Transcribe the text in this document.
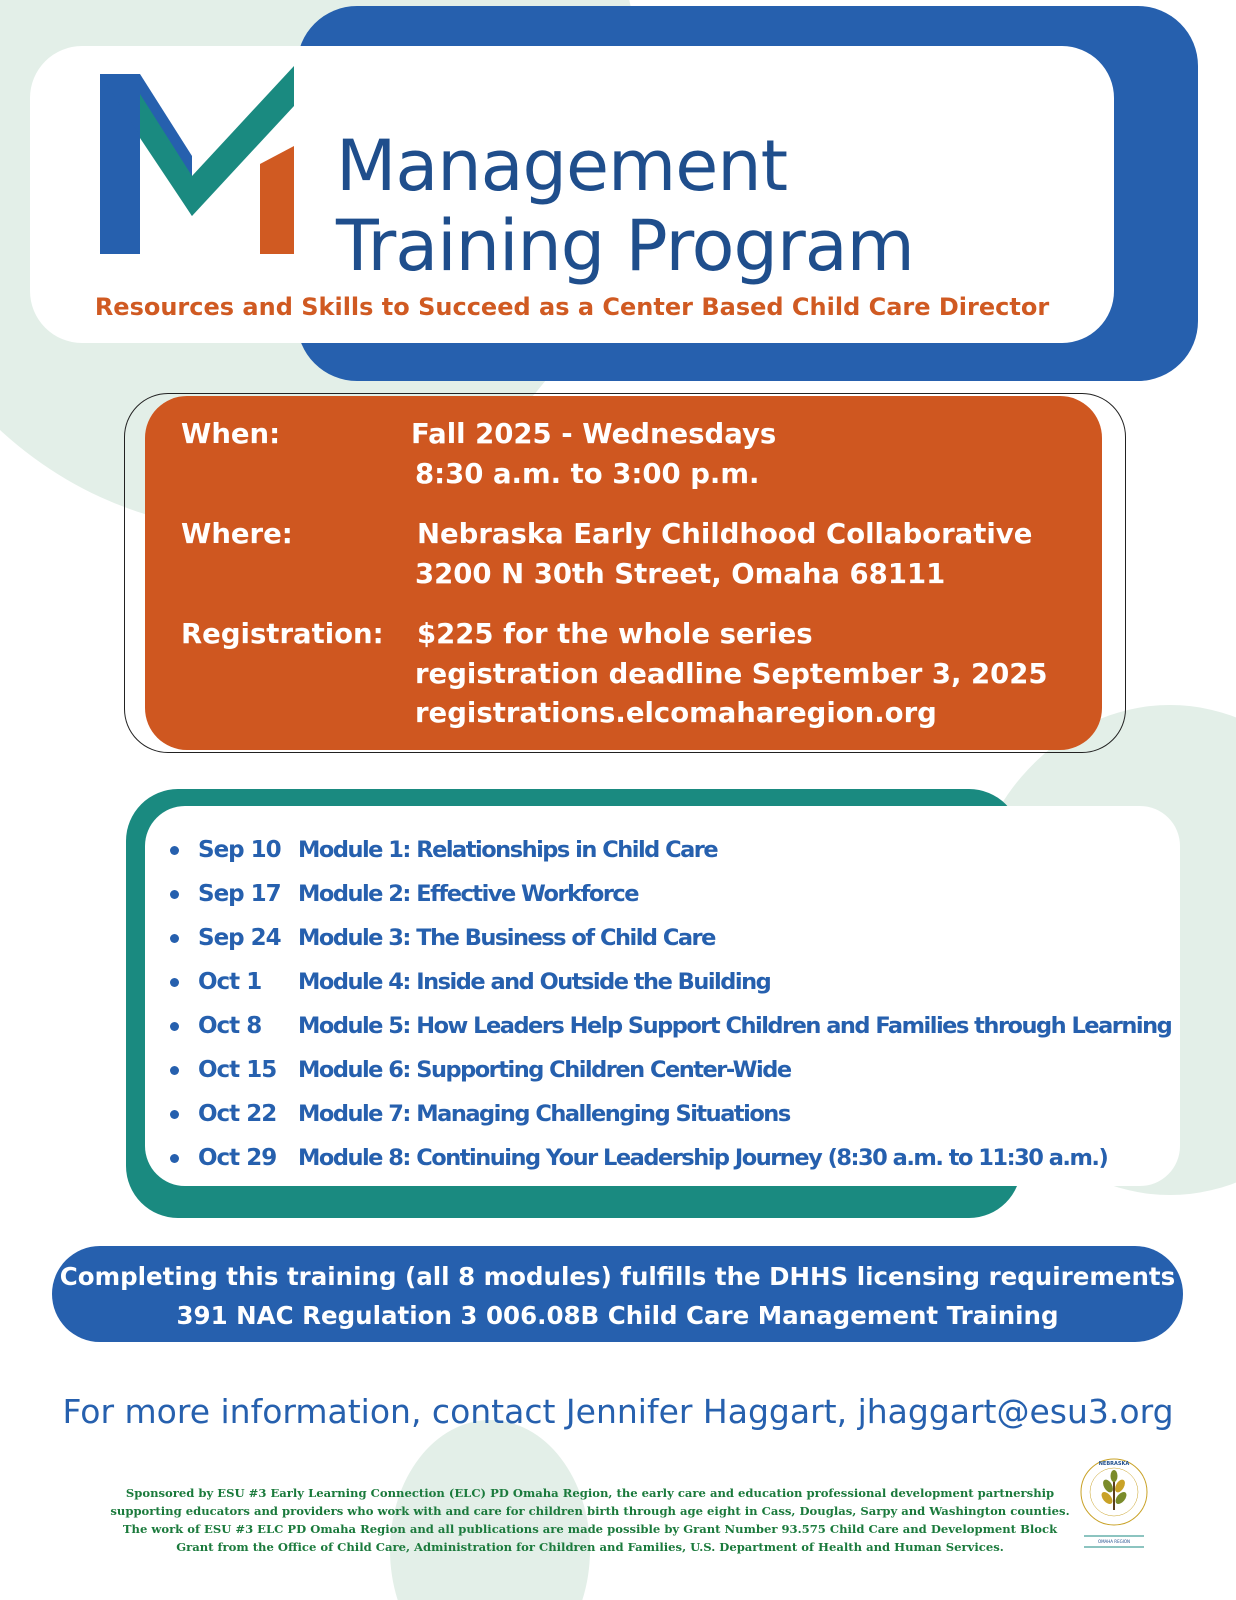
Management
Training Program
Resources and Skills to Succeed as a Center Based Child Care Director
When:	Fall 2025 - Wednesdays
8:30 a.m. to 3:00 p.m.
Where:	Nebraska Early Childhood Collaborative
3200 N 30th Street, Omaha 68111
Registration: $225 for the whole series
registration deadline September 3, 2025
registrations.elcomaharegion.org
Sep 10 Module 1: Relationships in Child Care
Sep 17 Module 2: Effective Workforce
Sep 24 Module 3: The Business of Child Care
Oct 1 Module 4: Inside and Outside the Building
Oct 8 Module 5: How Leaders Help Support Children and Families through Learning
Oct 15 Module 6: Supporting Children Center-Wide
Oct 22 Module 7: Managing Challenging Situations
Oct 29 Module 8: Continuing Your Leadership Journey (8:30 a.m. to 11:30 a.m.)
Completing this training (all 8 modules) fulfills the DHHS licensing requirements
391 NAC Regulation 3 006.08B Child Care Management Training
For more information, contact Jennifer Haggart, jhaggart@esu3.org
Sponsored by ESU #3 Early Learning Connection (ELC) PD Omaha Region, the early care and education professional development partnership
supporting educators and providers who work with and care for children birth through age eight in Cass, Douglas, Sarpy and Washington counties.
The work of ESU #3 ELC PD Omaha Region and all publications are made possible by Grant Number 93.575 Child Care and Development Block
Grant from the Office of Child Care, Administration for Children and Families, U.S. Department of Health and Human Services.
NEBRASKA
OMAHA REGION
